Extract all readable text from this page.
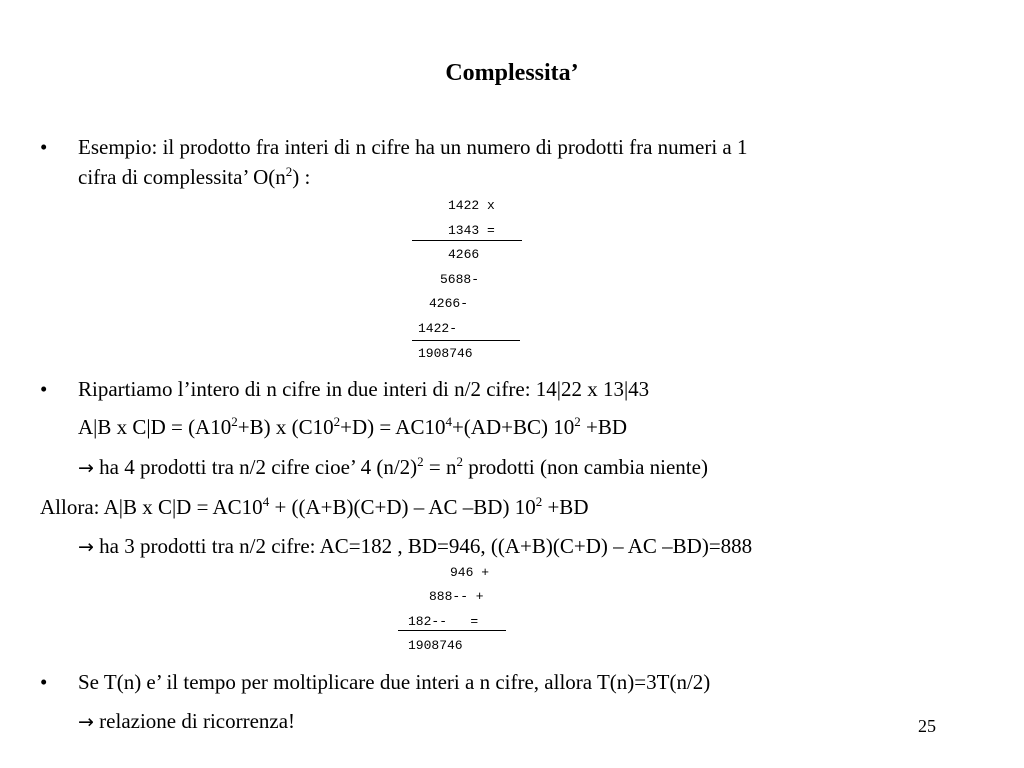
Complessita’
• Esempio: il prodotto fra interi di n cifre ha un numero di prodotti fra numeri a 1
cifra di complessita’ $O(n^2)$ :
1422 x
1343 =
4266
5688-
4266-
1422-
1908746
• Ripartiamo l’intero di n cifre in due interi di n/2 cifre: 14|22 x 13|43
A|B x $C|D = (A10^2+B)$ x $(C10^2+D) = AC10^4+(AD+BC)$ $10^2 +BD$
→ ha 4 prodotti tra n/2 cifre cioe’ 4 $(n/2)^2 = n^2$ prodotti (non cambia niente)
Allora: A|B x $C|D = AC10^4 + ((A+B)(C+D)$ – AC –BD) $10^2 +BD$
→ ha 3 prodotti tra n/2 cifre: AC=182 , BD=946, ((A+B)(C+D) – AC –BD)=888
946 +
888-- +
182--   =
1908746
• Se T(n) e’ il tempo per moltiplicare due interi a n cifre, allora T(n)=3T(n/2)
→ relazione di ricorrenza!	25
